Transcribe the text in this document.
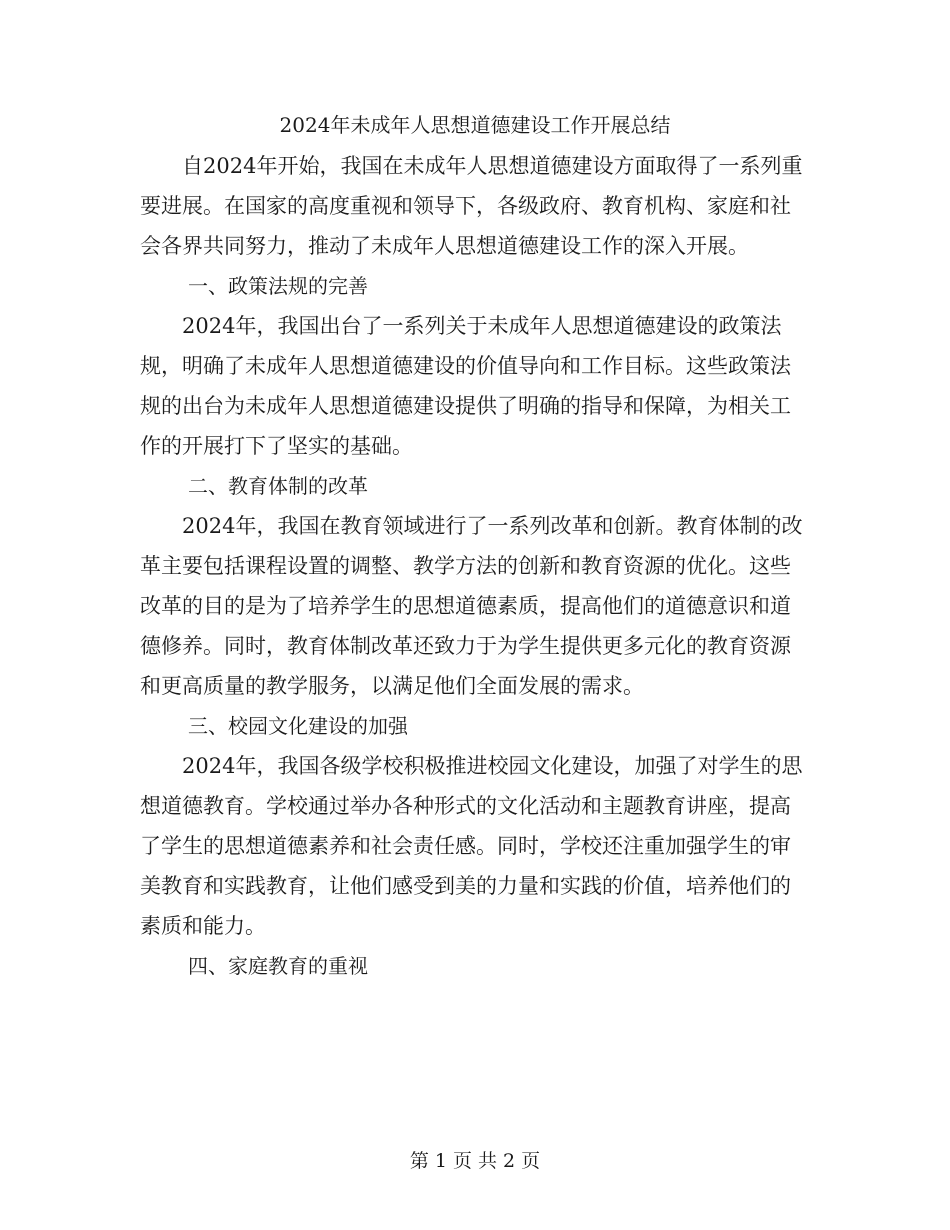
2024年未成年人思想道德建设工作开展总结

自2024年开始，我国在未成年人思想道德建设方面取得了一系列重要进展。在国家的高度重视和领导下，各级政府、教育机构、家庭和社会各界共同努力，推动了未成年人思想道德建设工作的深入开展。

一、政策法规的完善

2024年，我国出台了一系列关于未成年人思想道德建设的政策法规，明确了未成年人思想道德建设的价值导向和工作目标。这些政策法规的出台为未成年人思想道德建设提供了明确的指导和保障，为相关工作的开展打下了坚实的基础。

二、教育体制的改革

2024年，我国在教育领域进行了一系列改革和创新。教育体制的改革主要包括课程设置的调整、教学方法的创新和教育资源的优化。这些改革的目的是为了培养学生的思想道德素质，提高他们的道德意识和道德修养。同时，教育体制改革还致力于为学生提供更多元化的教育资源和更高质量的教学服务，以满足他们全面发展的需求。

三、校园文化建设的加强

2024年，我国各级学校积极推进校园文化建设，加强了对学生的思想道德教育。学校通过举办各种形式的文化活动和主题教育讲座，提高了学生的思想道德素养和社会责任感。同时，学校还注重加强学生的审美教育和实践教育，让他们感受到美的力量和实践的价值，培养他们的素质和能力。

四、家庭教育的重视

第 1 页 共 2 页
